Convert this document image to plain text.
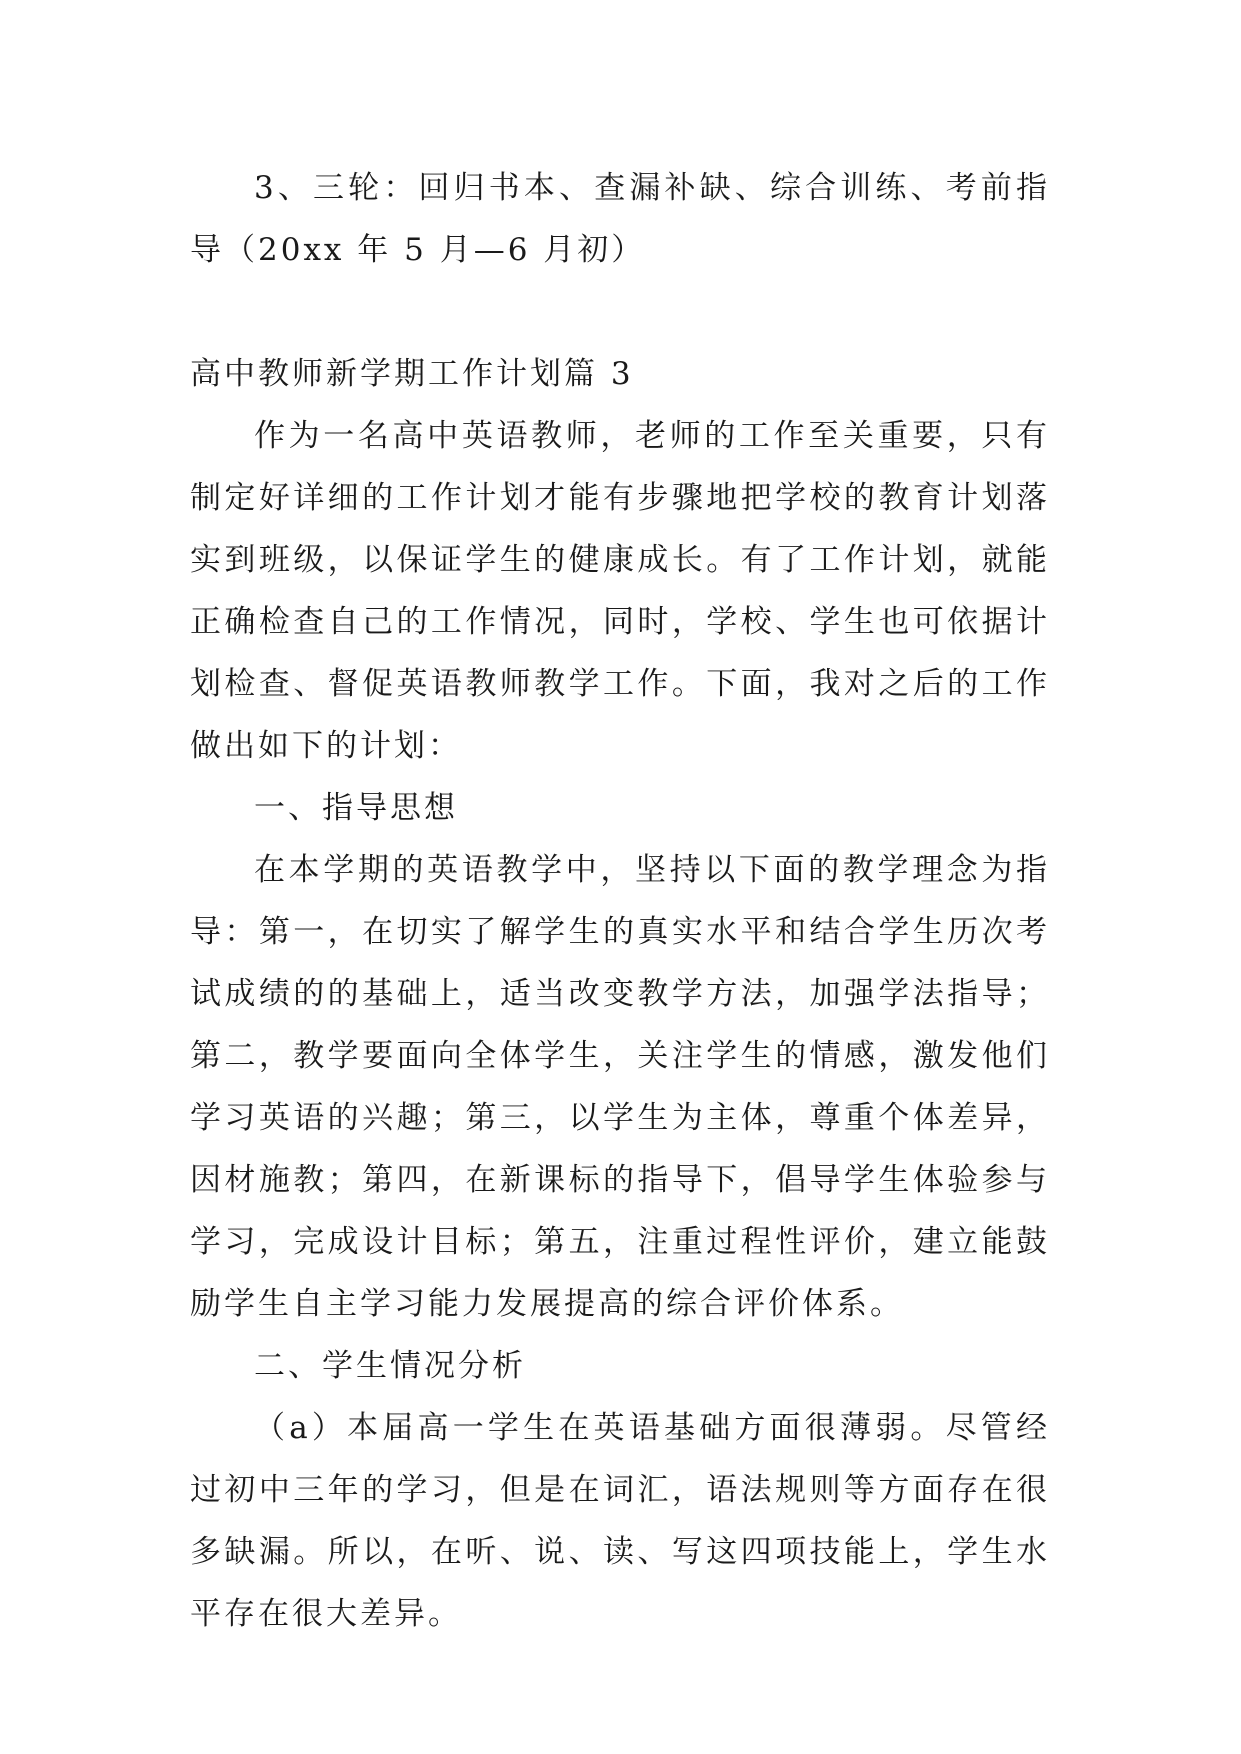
3、三轮：回归书本、查漏补缺、综合训练、考前指导（20xx 年 5 月—6 月初）

高中教师新学期工作计划篇 3

作为一名高中英语教师，老师的工作至关重要，只有制定好详细的工作计划才能有步骤地把学校的教育计划落实到班级，以保证学生的健康成长。有了工作计划，就能正确检查自己的工作情况，同时，学校、学生也可依据计划检查、督促英语教师教学工作。下面，我对之后的工作做出如下的计划：

一、指导思想

在本学期的英语教学中，坚持以下面的教学理念为指导：第一，在切实了解学生的真实水平和结合学生历次考试成绩的的基础上，适当改变教学方法，加强学法指导；第二，教学要面向全体学生，关注学生的情感，激发他们学习英语的兴趣；第三，以学生为主体，尊重个体差异，因材施教；第四，在新课标的指导下，倡导学生体验参与学习，完成设计目标；第五，注重过程性评价，建立能鼓励学生自主学习能力发展提高的综合评价体系。

二、学生情况分析

（a）本届高一学生在英语基础方面很薄弱。尽管经过初中三年的学习，但是在词汇，语法规则等方面存在很多缺漏。所以，在听、说、读、写这四项技能上，学生水平存在很大差异。
